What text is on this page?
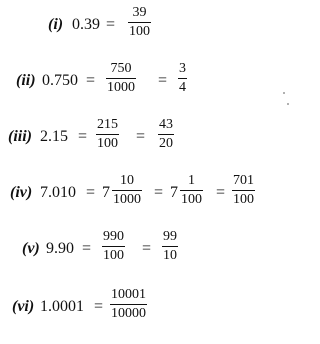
(i) 0.39 =
39
100
(ii) 0.750 =
750
1000 =
3
4
(iii) 2.15 =
215
100 =
43
20
(iv) 7.010 = 7
10
1000 = 7
1
100 =
701
100
(v) 9.90 =
990
100 =
99
10
(vi) 1.0001 =
10001
10000
